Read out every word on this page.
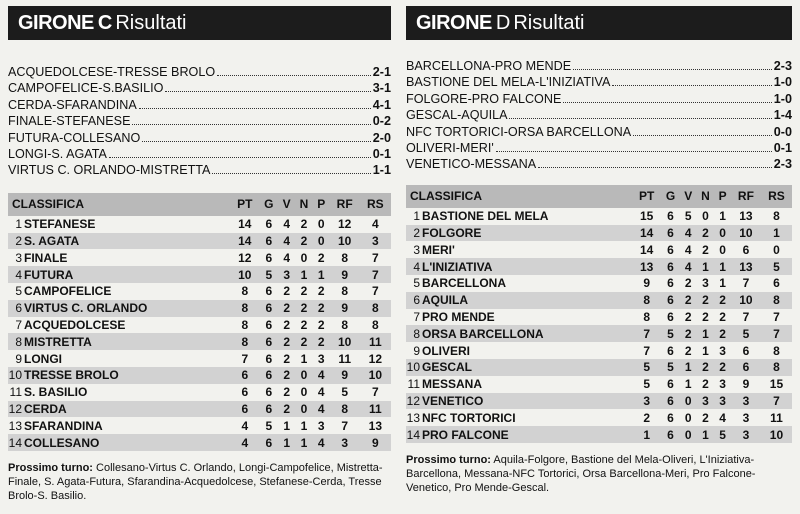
GIRONE C Risultati
ACQUEDOLCESE-TRESSE BROLO	2-1
CAMPOFELICE-S.BASILIO	3-1
CERDA-SFARANDINA	4-1
FINALE-STEFANESE	0-2
FUTURA-COLLESANO	2-0
LONGI-S. AGATA	0-1
VIRTUS C. ORLANDO-MISTRETTA	1-1
CLASSIFICA		PT	G	V	N	P	RF	RS
1	STEFANESE	14	6	4	2	0	12	4
2	S. AGATA	14	6	4	2	0	10	3
3	FINALE	12	6	4	0	2	8	7
4	FUTURA	10	5	3	1	1	9	7
5	CAMPOFELICE	8	6	2	2	2	8	7
6	VIRTUS C. ORLANDO	8	6	2	2	2	9	8
7	ACQUEDOLCESE	8	6	2	2	2	8	8
8	MISTRETTA	8	6	2	2	2	10	11
9	LONGI	7	6	2	1	3	11	12
10	TRESSE BROLO	6	6	2	0	4	9	10
11	S. BASILIO	6	6	2	0	4	5	7
12	CERDA	6	6	2	0	4	8	11
13	SFARANDINA	4	5	1	1	3	7	13
14	COLLESANO	4	6	1	1	4	3	9
Prossimo turno: Collesano-Virtus C. Orlando, Longi-Campofelice, Mistretta-Finale, S. Agata-Futura, Sfarandina-Acquedolcese, Stefanese-Cerda, Tresse Brolo-S. Basilio.
GIRONE D Risultati
BARCELLONA-PRO MENDE	2-3
BASTIONE DEL MELA-L'INIZIATIVA	1-0
FOLGORE-PRO FALCONE	1-0
GESCAL-AQUILA	1-4
NFC TORTORICI-ORSA BARCELLONA	0-0
OLIVERI-MERI'	0-1
VENETICO-MESSANA	2-3
CLASSIFICA		PT	G	V	N	P	RF	RS
1	BASTIONE DEL MELA	15	6	5	0	1	13	8
2	FOLGORE	14	6	4	2	0	10	1
3	MERI'	14	6	4	2	0	6	0
4	L'INIZIATIVA	13	6	4	1	1	13	5
5	BARCELLONA	9	6	2	3	1	7	6
6	AQUILA	8	6	2	2	2	10	8
7	PRO MENDE	8	6	2	2	2	7	7
8	ORSA BARCELLONA	7	5	2	1	2	5	7
9	OLIVERI	7	6	2	1	3	6	8
10	GESCAL	5	5	1	2	2	6	8
11	MESSANA	5	6	1	2	3	9	15
12	VENETICO	3	6	0	3	3	3	7
13	NFC TORTORICI	2	6	0	2	4	3	11
14	PRO FALCONE	1	6	0	1	5	3	10
Prossimo turno: Aquila-Folgore, Bastione del Mela-Oliveri, L'Iniziativa-Barcellona, Messana-NFC Tortorici, Orsa Barcellona-Meri, Pro Falcone-Venetico, Pro Mende-Gescal.
